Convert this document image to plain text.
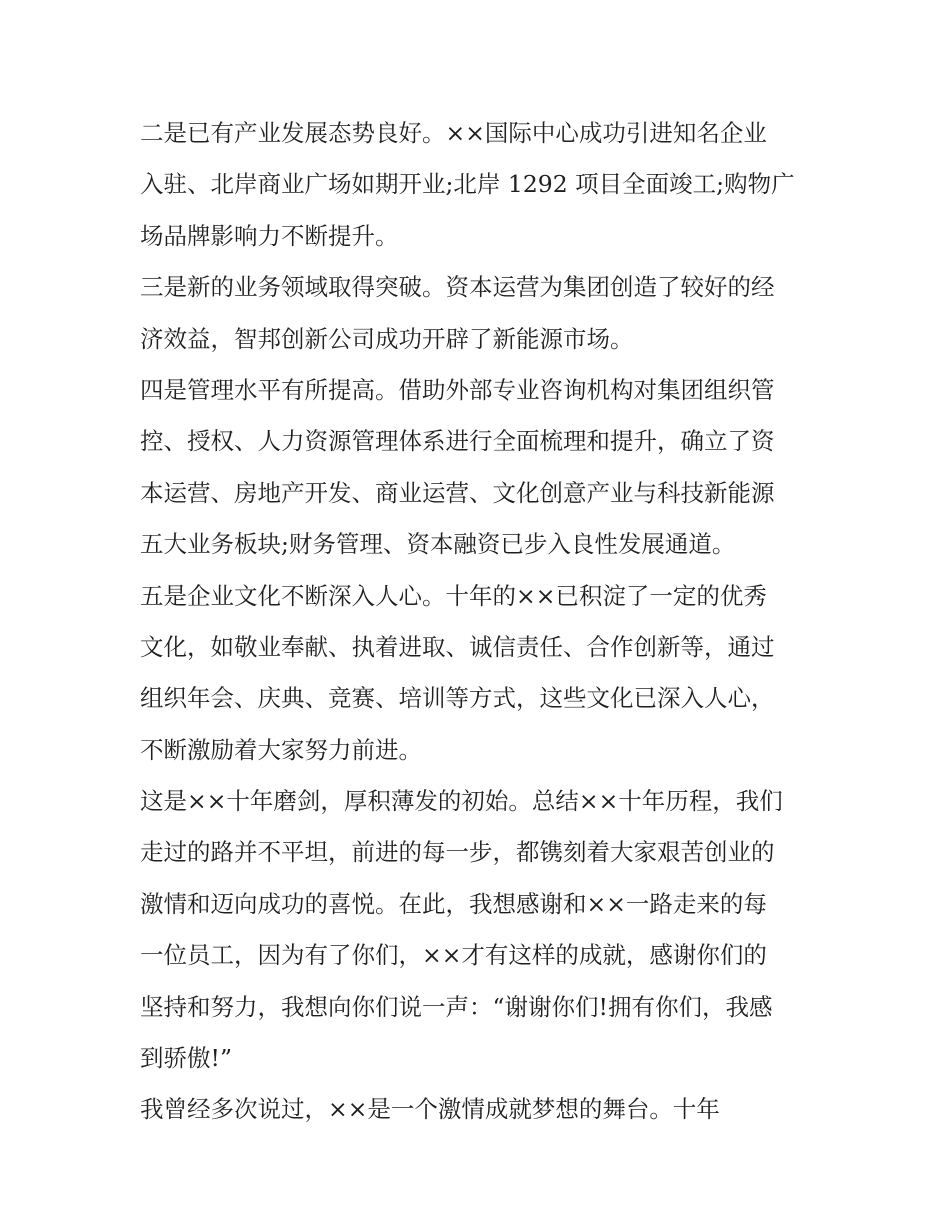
二是已有产业发展态势良好。××国际中心成功引进知名企业

入驻、北岸商业广场如期开业;北岸 1292 项目全面竣工;购物广

场品牌影响力不断提升。

三是新的业务领域取得突破。资本运营为集团创造了较好的经

济效益，智邦创新公司成功开辟了新能源市场。

四是管理水平有所提高。借助外部专业咨询机构对集团组织管

控、授权、人力资源管理体系进行全面梳理和提升，确立了资

本运营、房地产开发、商业运营、文化创意产业与科技新能源

五大业务板块;财务管理、资本融资已步入良性发展通道。

五是企业文化不断深入人心。十年的××已积淀了一定的优秀

文化，如敬业奉献、执着进取、诚信责任、合作创新等，通过

组织年会、庆典、竞赛、培训等方式，这些文化已深入人心，

不断激励着大家努力前进。

这是××十年磨剑，厚积薄发的初始。总结××十年历程，我们

走过的路并不平坦，前进的每一步，都镌刻着大家艰苦创业的

激情和迈向成功的喜悦。在此，我想感谢和××一路走来的每

一位员工，因为有了你们，××才有这样的成就，感谢你们的

坚持和努力，我想向你们说一声：“谢谢你们!拥有你们，我感

到骄傲!”

我曾经多次说过，××是一个激情成就梦想的舞台。十年
